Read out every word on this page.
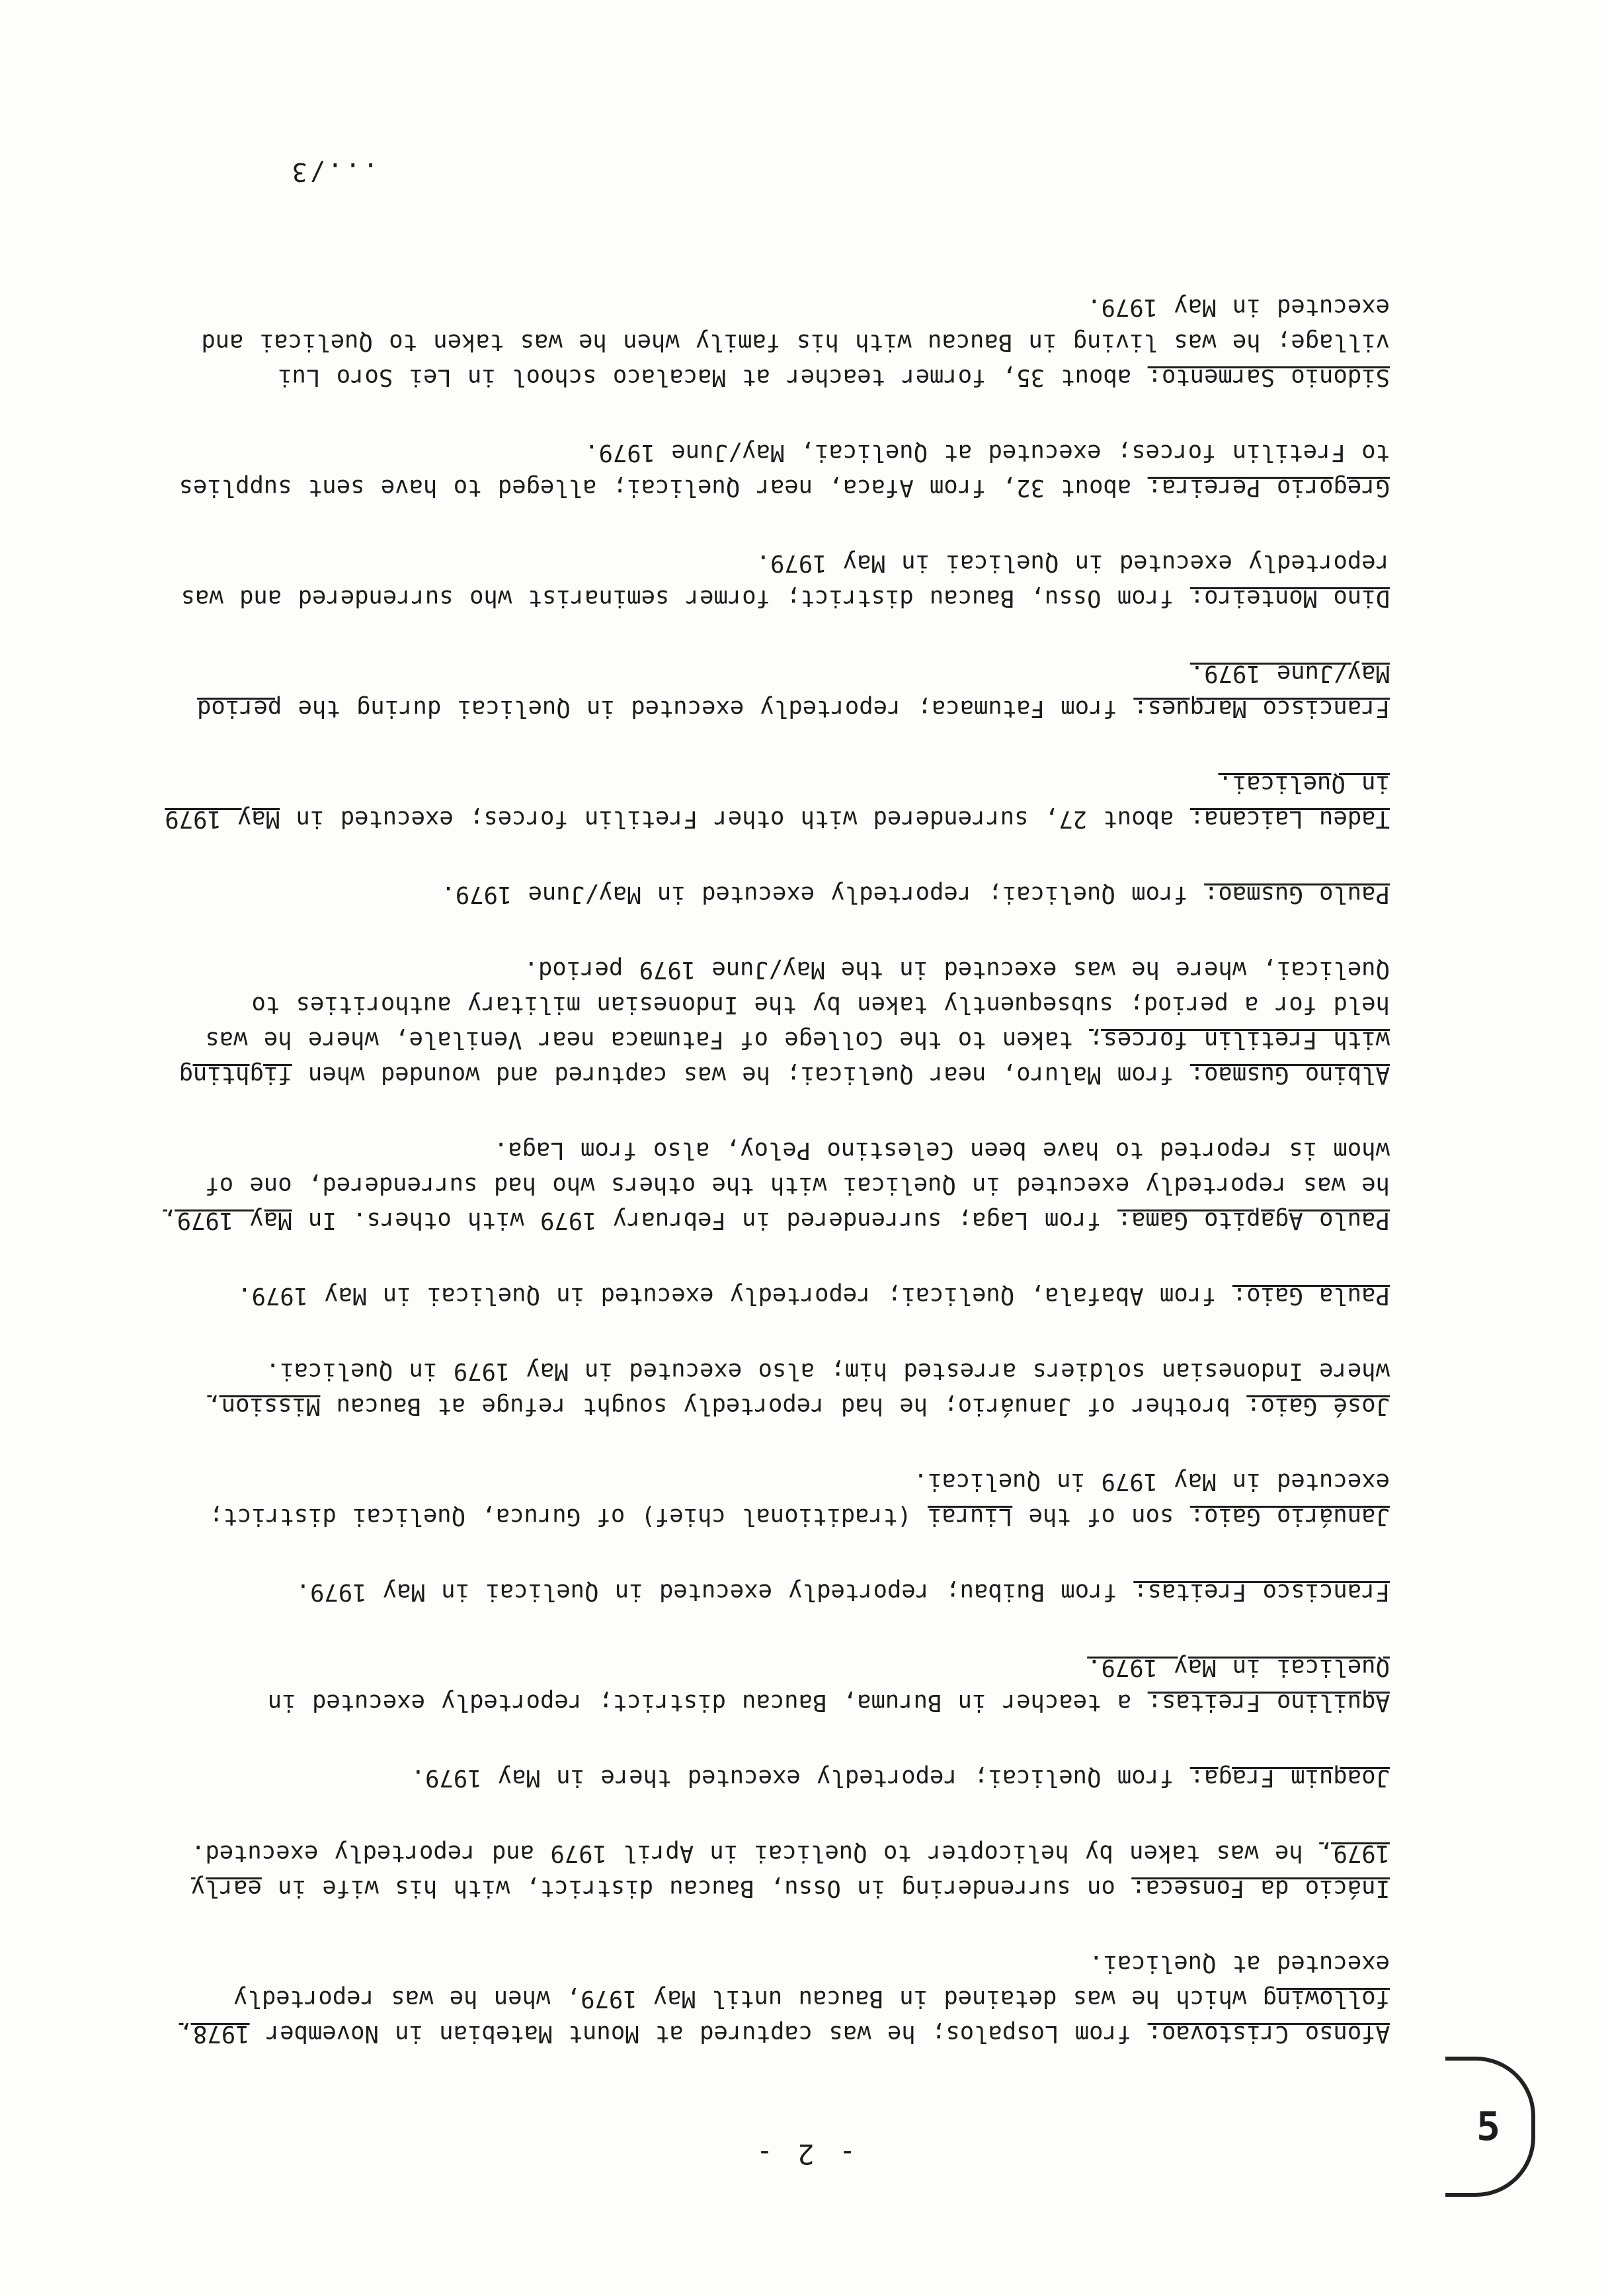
5
- 2 -

Afonso Cristovao: from Lospalos; he was captured at Mount Matebian in November 1978, following which he was detained in Baucau until May 1979, when he was reportedly executed at Quelicai.

Inácio da Fonseca: on surrendering in Ossu, Baucau district, with his wife in early 1979, he was taken by helicopter to Quelicai in April 1979 and reportedly executed.

Joaquim Fraga: from Quelicai; reportedly executed there in May 1979.

Aquilino Freitas: a teacher in Buruma, Baucau district; reportedly executed in Quelicai in May 1979.

Francisco Freitas: from Buibau; reportedly executed in Quelicai in May 1979.

Januário Gaio: son of the Liurai (traditional chief) of Guruca, Quelicai district; executed in May 1979 in Quelicai.

José Gaio: brother of Januário; he had reportedly sought refuge at Baucau Mission, where Indonesian soldiers arrested him; also executed in May 1979 in Quelicai.

Paula Gaio: from Abafala, Quelicai; reportedly executed in Quelicai in May 1979.

Paulo Agapito Gama: from Laga; surrendered in February 1979 with others. In May 1979, he was reportedly executed in Quelicai with the others who had surrendered, one of whom is reported to have been Celestino Peloy, also from Laga.

Albino Gusmao: from Maluro, near Quelicai; he was captured and wounded when fighting with Fretilin forces; taken to the College of Fatumaca near Venilale, where he was held for a period; subsequently taken by the Indonesian military authorities to Quelicai, where he was executed in the May/June 1979 period.

Paulo Gusmao: from Quelicai; reportedly executed in May/June 1979.

Tadeu Laicana: about 27, surrendered with other Fretilin forces; executed in May 1979 in Quelicai.

Francisco Marques: from Fatumaca; reportedly executed in Quelicai during the period May/June 1979.

Dino Monteiro: from Ossu, Baucau district; former seminarist who surrendered and was reportedly executed in Quelicai in May 1979.

Gregorio Pereira: about 32, from Afaca, near Quelicai; alleged to have sent supplies to Fretilin forces; executed at Quelicai, May/June 1979.

Sidonio Sarmento: about 35, former teacher at Macalaco school in Lei Soro Lui village; he was living in Baucau with his family when he was taken to Quelicai and executed in May 1979.

.../3
